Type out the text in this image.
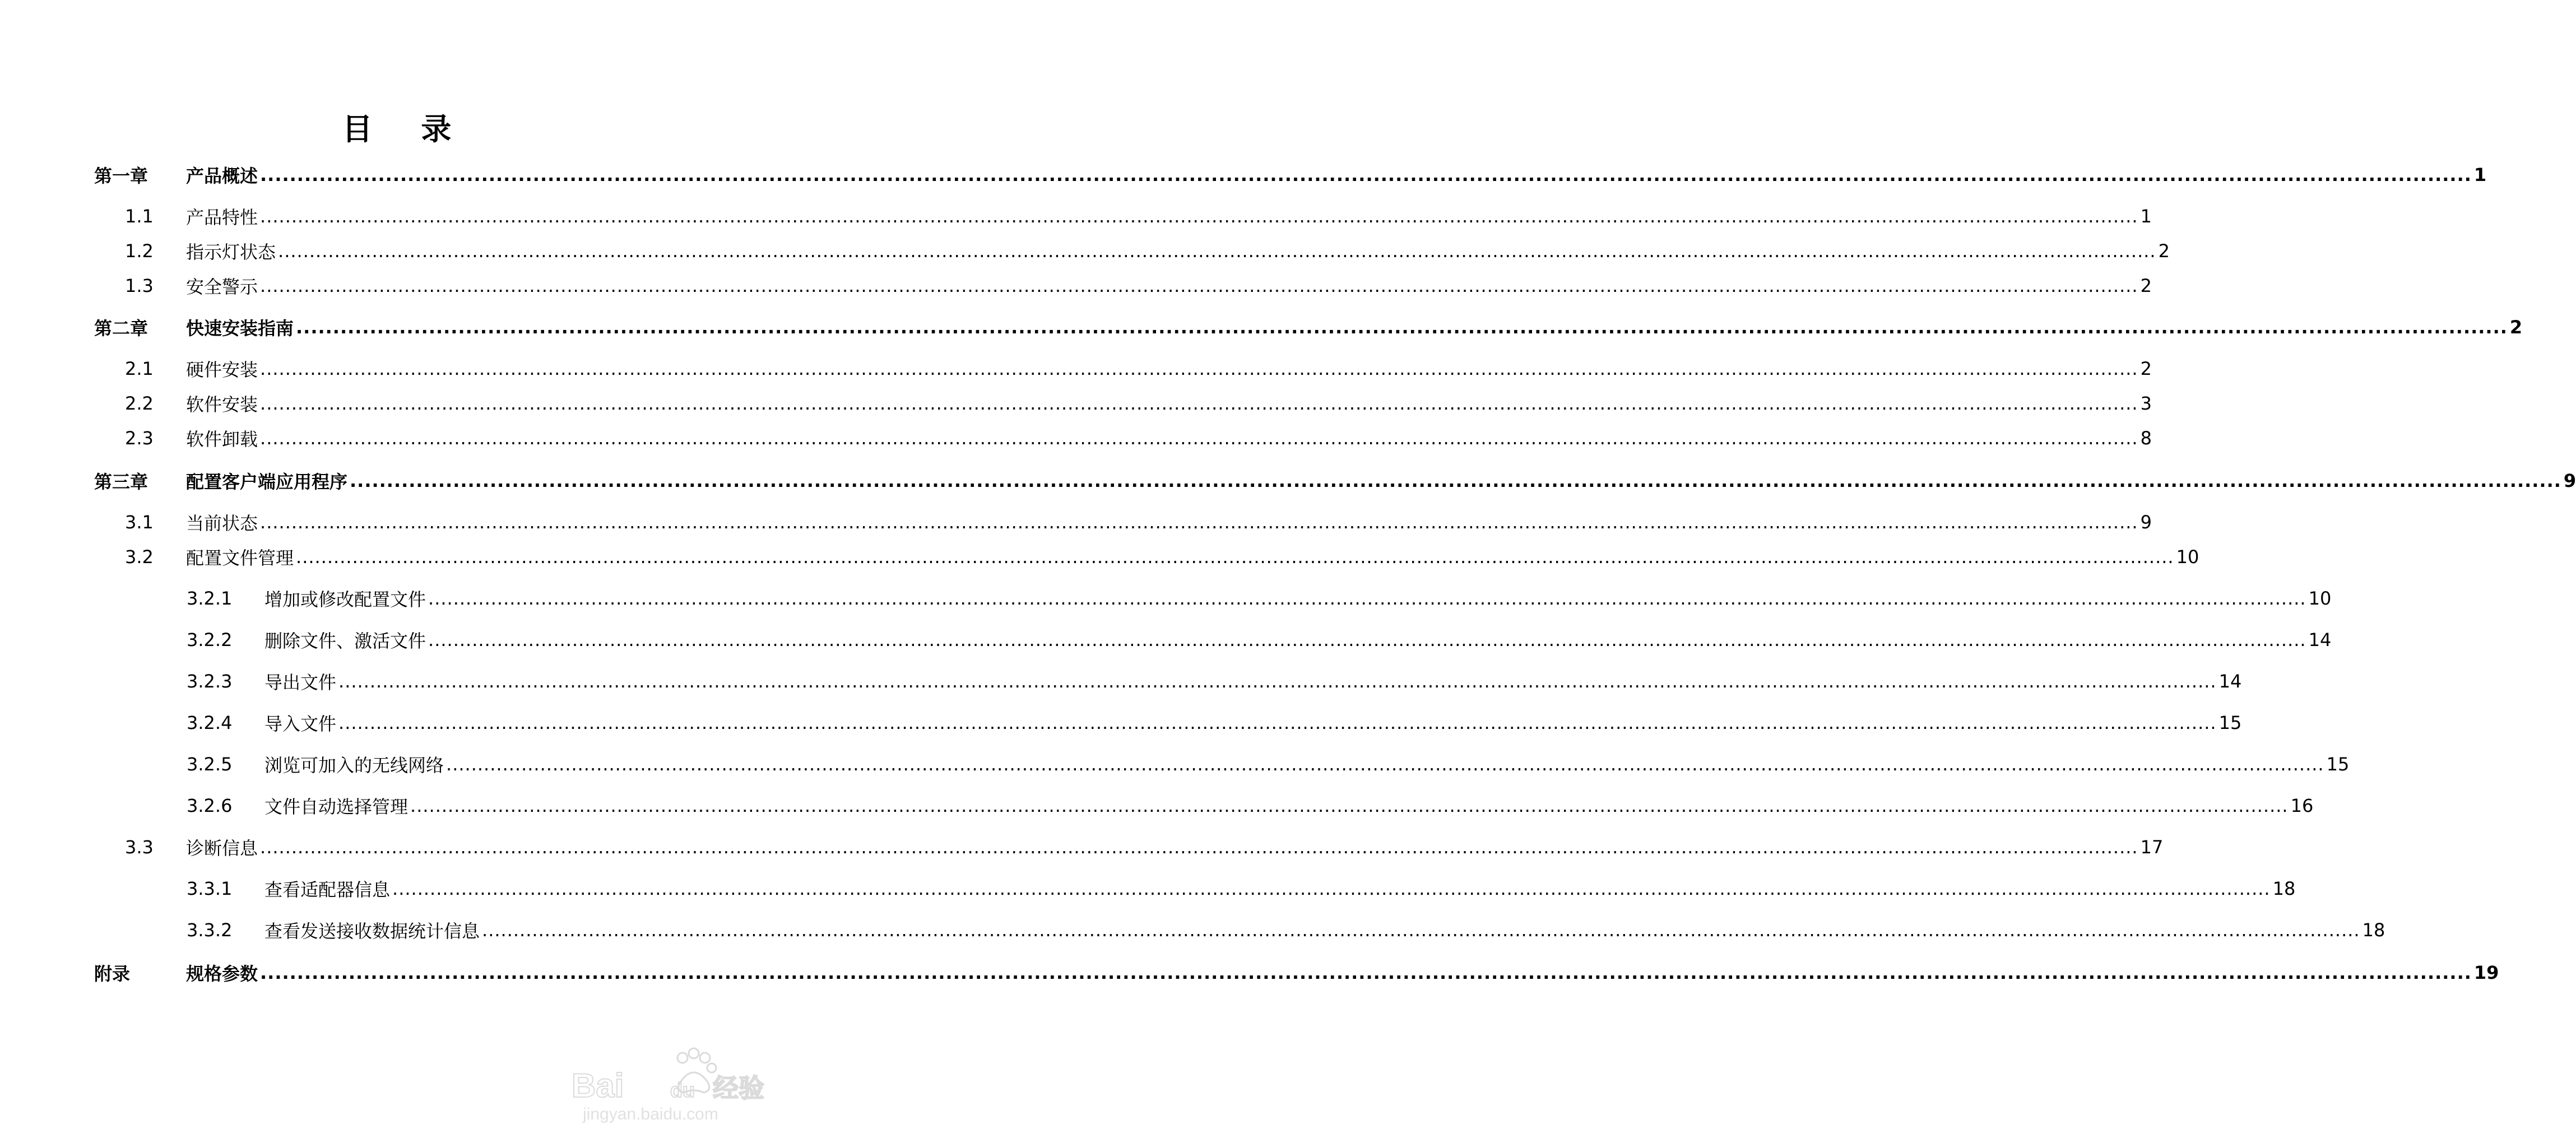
目 录
第一章 产品概述 ............................................................................................................................................................................................................................................................................................................ 1
1.1 产品特性 ............................................................................................................................................................................................................................................................................................................ 1
1.2 指示灯状态 ............................................................................................................................................................................................................................................................................................................ 2
1.3 安全警示 ............................................................................................................................................................................................................................................................................................................ 2
第二章 快速安装指南 ............................................................................................................................................................................................................................................................................................................ 2
2.1 硬件安装 ............................................................................................................................................................................................................................................................................................................ 2
2.2 软件安装 ............................................................................................................................................................................................................................................................................................................ 3
2.3 软件卸载 ............................................................................................................................................................................................................................................................................................................ 8
第三章 配置客户端应用程序 ............................................................................................................................................................................................................................................................................................................ 9
3.1 当前状态 ............................................................................................................................................................................................................................................................................................................ 9
3.2 配置文件管理 ............................................................................................................................................................................................................................................................................................................ 10
3.2.1 增加或修改配置文件 ............................................................................................................................................................................................................................................................................................................ 10
3.2.2 删除文件、激活文件 ............................................................................................................................................................................................................................................................................................................ 14
3.2.3 导出文件 ............................................................................................................................................................................................................................................................................................................ 14
3.2.4 导入文件 ............................................................................................................................................................................................................................................................................................................ 15
3.2.5 浏览可加入的无线网络 ............................................................................................................................................................................................................................................................................................................ 15
3.2.6 文件自动选择管理 ............................................................................................................................................................................................................................................................................................................ 16
3.3 诊断信息 ............................................................................................................................................................................................................................................................................................................ 17
3.3.1 查看适配器信息 ............................................................................................................................................................................................................................................................................................................ 18
3.3.2 查看发送接收数据统计信息 ............................................................................................................................................................................................................................................................................................................ 18
附录	规格参数 ............................................................................................................................................................................................................................................................................................................ 19
Bai du 经验
jingyan.baidu.com
